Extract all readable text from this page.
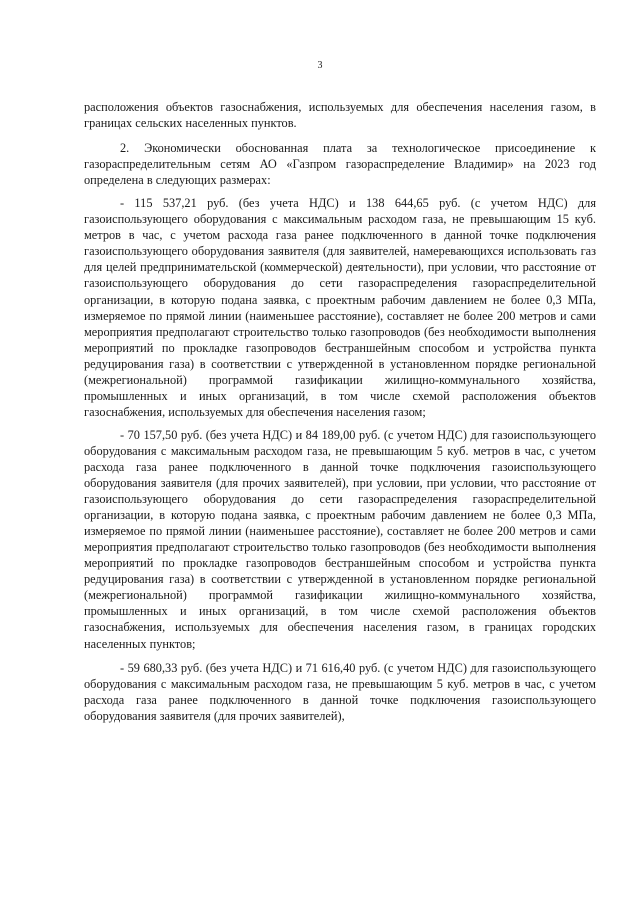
3

расположения объектов газоснабжения, используемых для обеспечения населения газом, в границах сельских населенных пунктов.

2. Экономически обоснованная плата за технологическое присоединение к газораспределительным сетям АО «Газпром газораспределение Владимир» на 2023 год определена в следующих размерах:

- 115 537,21 руб. (без учета НДС) и 138 644,65 руб. (с учетом НДС) для газоиспользующего оборудования с максимальным расходом газа, не превышающим 15 куб. метров в час, с учетом расхода газа ранее подключенного в данной точке подключения газоиспользующего оборудования заявителя (для заявителей, намеревающихся использовать газ для целей предпринимательской (коммерческой) деятельности), при условии, что расстояние от газоиспользующего оборудования до сети газораспределения газораспределительной организации, в которую подана заявка, с проектным рабочим давлением не более 0,3 МПа, измеряемое по прямой линии (наименьшее расстояние), составляет не более 200 метров и сами мероприятия предполагают строительство только газопроводов (без необходимости выполнения мероприятий по прокладке газопроводов бестраншейным способом и устройства пункта редуцирования газа) в соответствии с утвержденной в установленном порядке региональной (межрегиональной) программой газификации жилищно-коммунального хозяйства, промышленных и иных организаций, в том числе схемой расположения объектов газоснабжения, используемых для обеспечения населения газом;

- 70 157,50 руб. (без учета НДС) и 84 189,00 руб. (с учетом НДС) для газоиспользующего оборудования с максимальным расходом газа, не превышающим 5 куб. метров в час, с учетом расхода газа ранее подключенного в данной точке подключения газоиспользующего оборудования заявителя (для прочих заявителей), при условии, при условии, что расстояние от газоиспользующего оборудования до сети газораспределения газораспределительной организации, в которую подана заявка, с проектным рабочим давлением не более 0,3 МПа, измеряемое по прямой линии (наименьшее расстояние), составляет не более 200 метров и сами мероприятия предполагают строительство только газопроводов (без необходимости выполнения мероприятий по прокладке газопроводов бестраншейным способом и устройства пункта редуцирования газа) в соответствии с утвержденной в установленном порядке региональной (межрегиональной) программой газификации жилищно-коммунального хозяйства, промышленных и иных организаций, в том числе схемой расположения объектов газоснабжения, используемых для обеспечения населения газом, в границах городских населенных пунктов;

- 59 680,33 руб. (без учета НДС) и 71 616,40 руб. (с учетом НДС) для газоиспользующего оборудования с максимальным расходом газа, не превышающим 5 куб. метров в час, с учетом расхода газа ранее подключенного в данной точке подключения газоиспользующего оборудования заявителя (для прочих заявителей),
